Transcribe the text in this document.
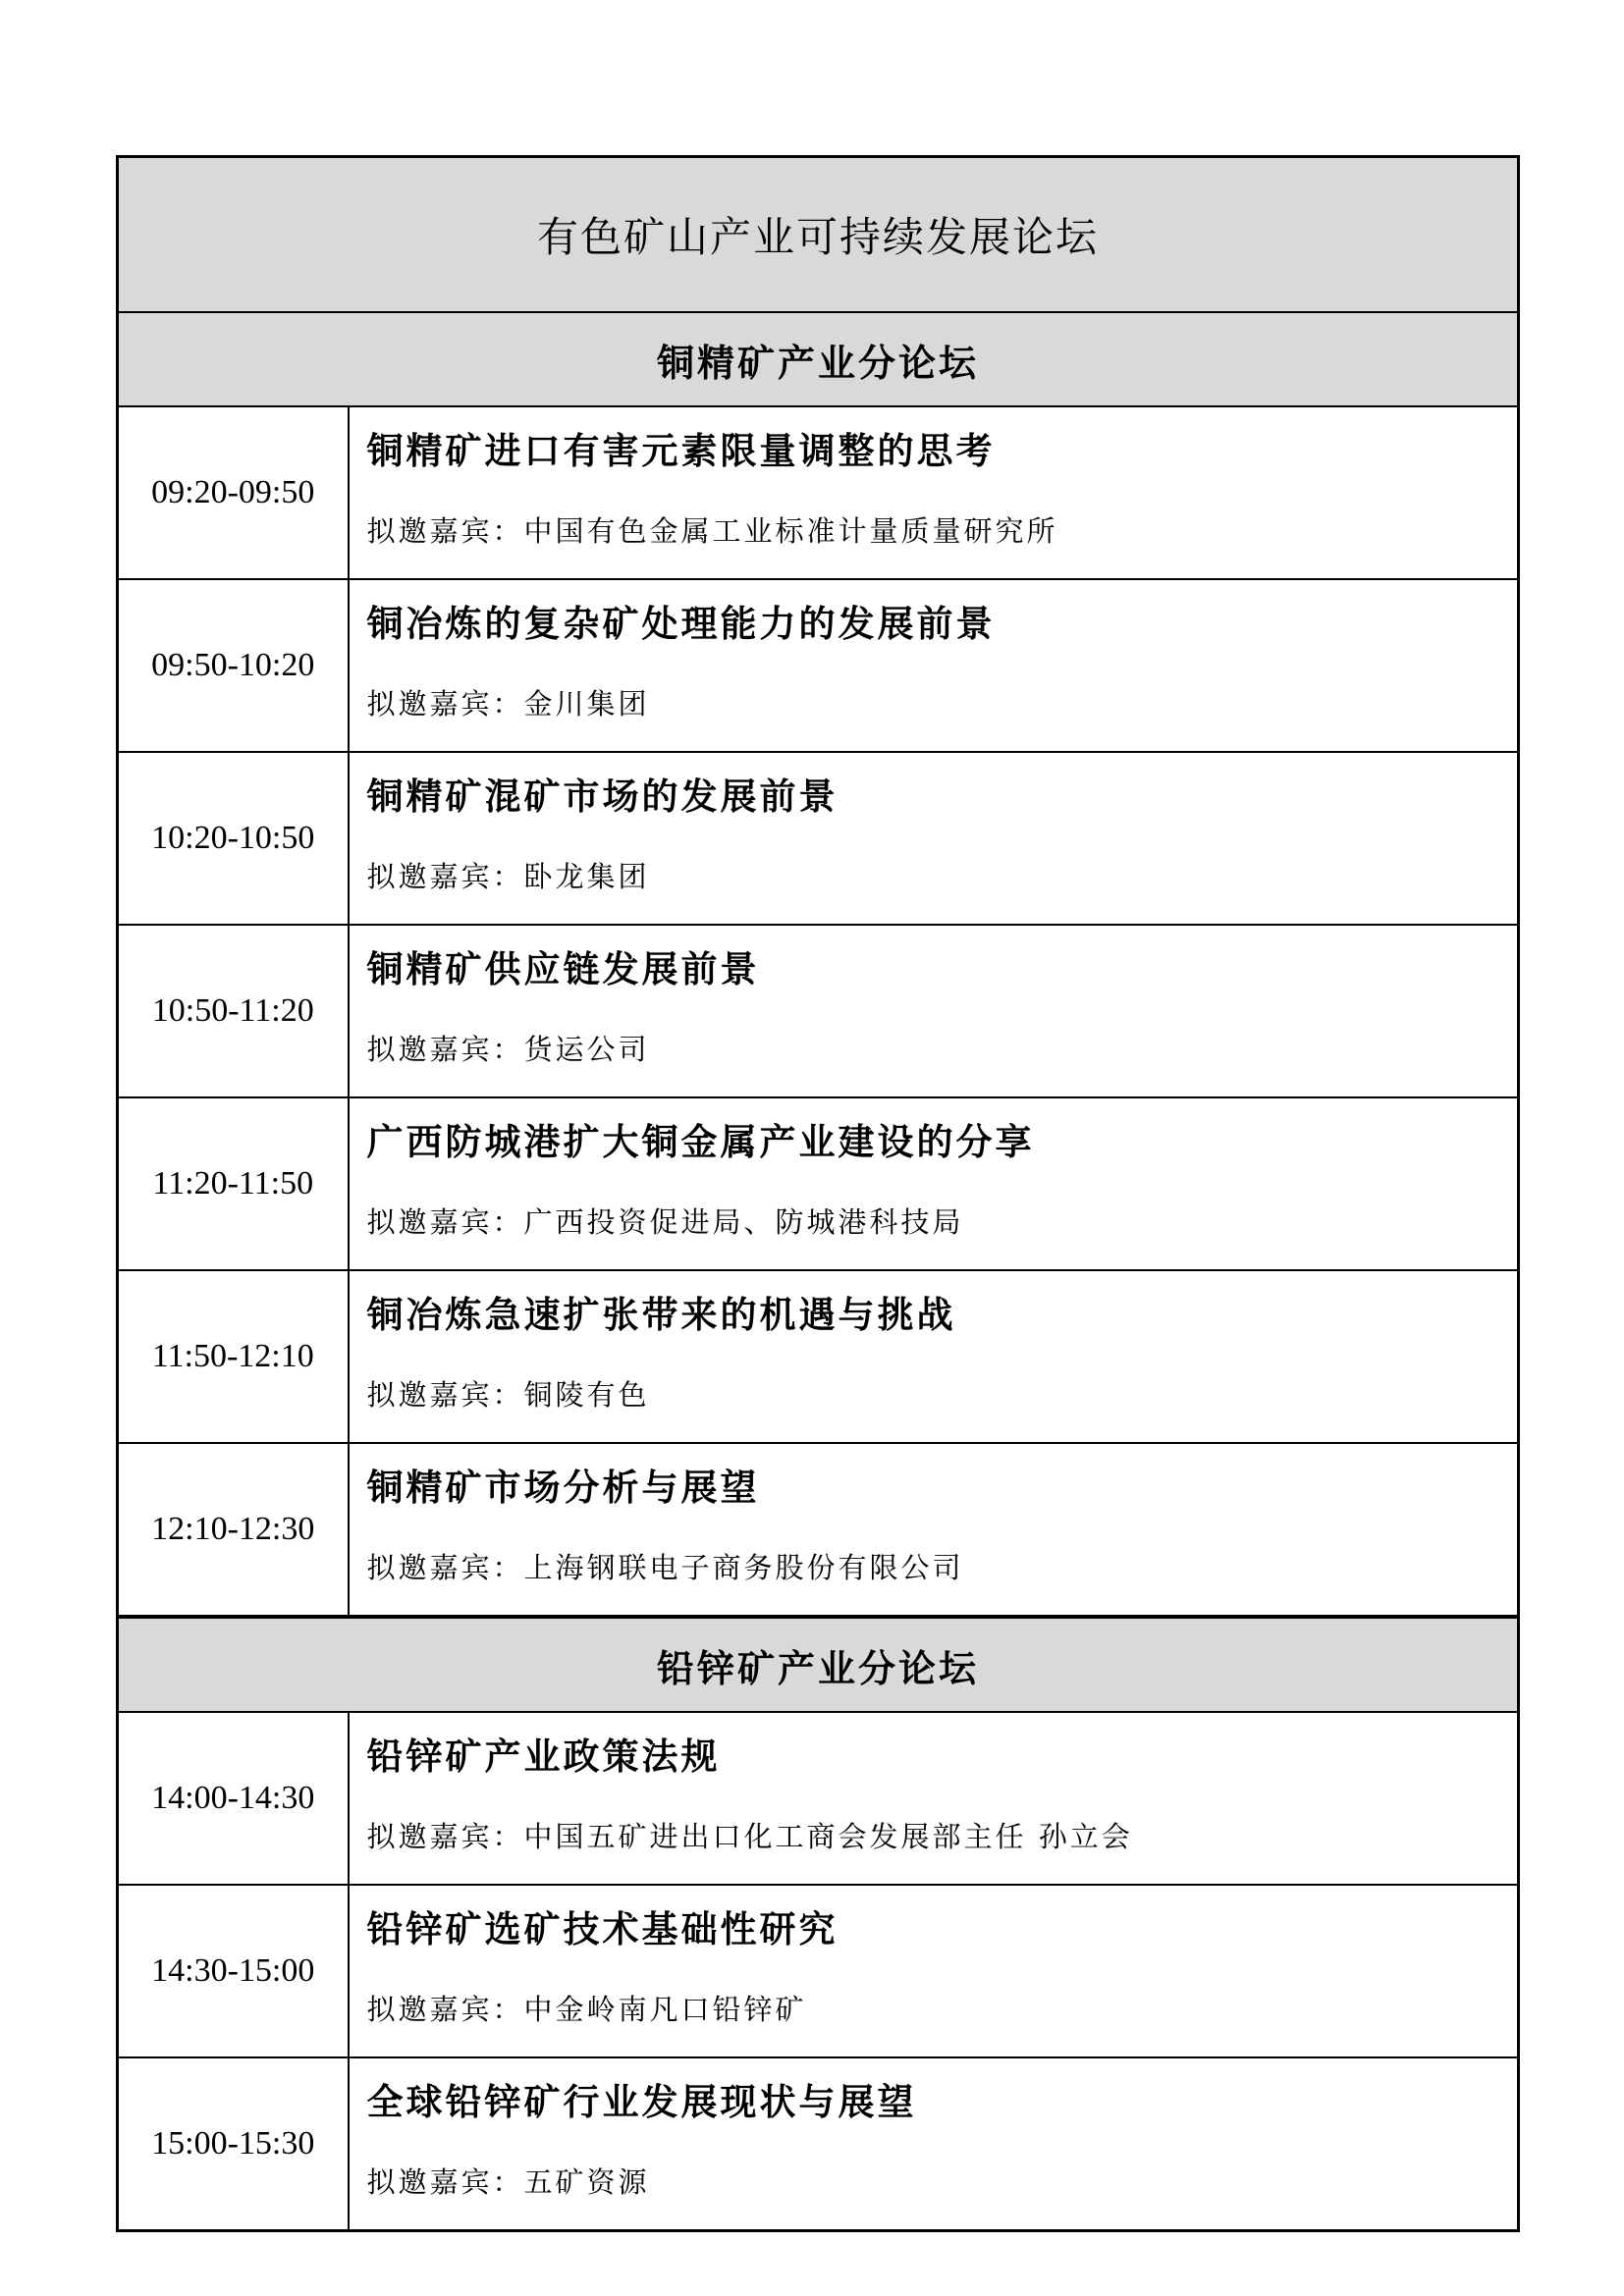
有色矿山产业可持续发展论坛	
铜精矿产业分论坛	
09:20-09:50	铜精矿进口有害元素限量调整的思考
拟邀嘉宾：中国有色金属工业标准计量质量研究所

09:50-10:20	铜冶炼的复杂矿处理能力的发展前景
拟邀嘉宾：金川集团

10:20-10:50	铜精矿混矿市场的发展前景
拟邀嘉宾：卧龙集团

10:50-11:20	铜精矿供应链发展前景
拟邀嘉宾：货运公司

11:20-11:50	广西防城港扩大铜金属产业建设的分享
拟邀嘉宾：广西投资促进局、防城港科技局

11:50-12:10	铜冶炼急速扩张带来的机遇与挑战
拟邀嘉宾：铜陵有色

12:10-12:30	铜精矿市场分析与展望
拟邀嘉宾：上海钢联电子商务股份有限公司

铅锌矿产业分论坛	
14:00-14:30	铅锌矿产业政策法规
拟邀嘉宾：中国五矿进出口化工商会发展部主任 孙立会

14:30-15:00	铅锌矿选矿技术基础性研究
拟邀嘉宾：中金岭南凡口铅锌矿

15:00-15:30	全球铅锌矿行业发展现状与展望
拟邀嘉宾：五矿资源
